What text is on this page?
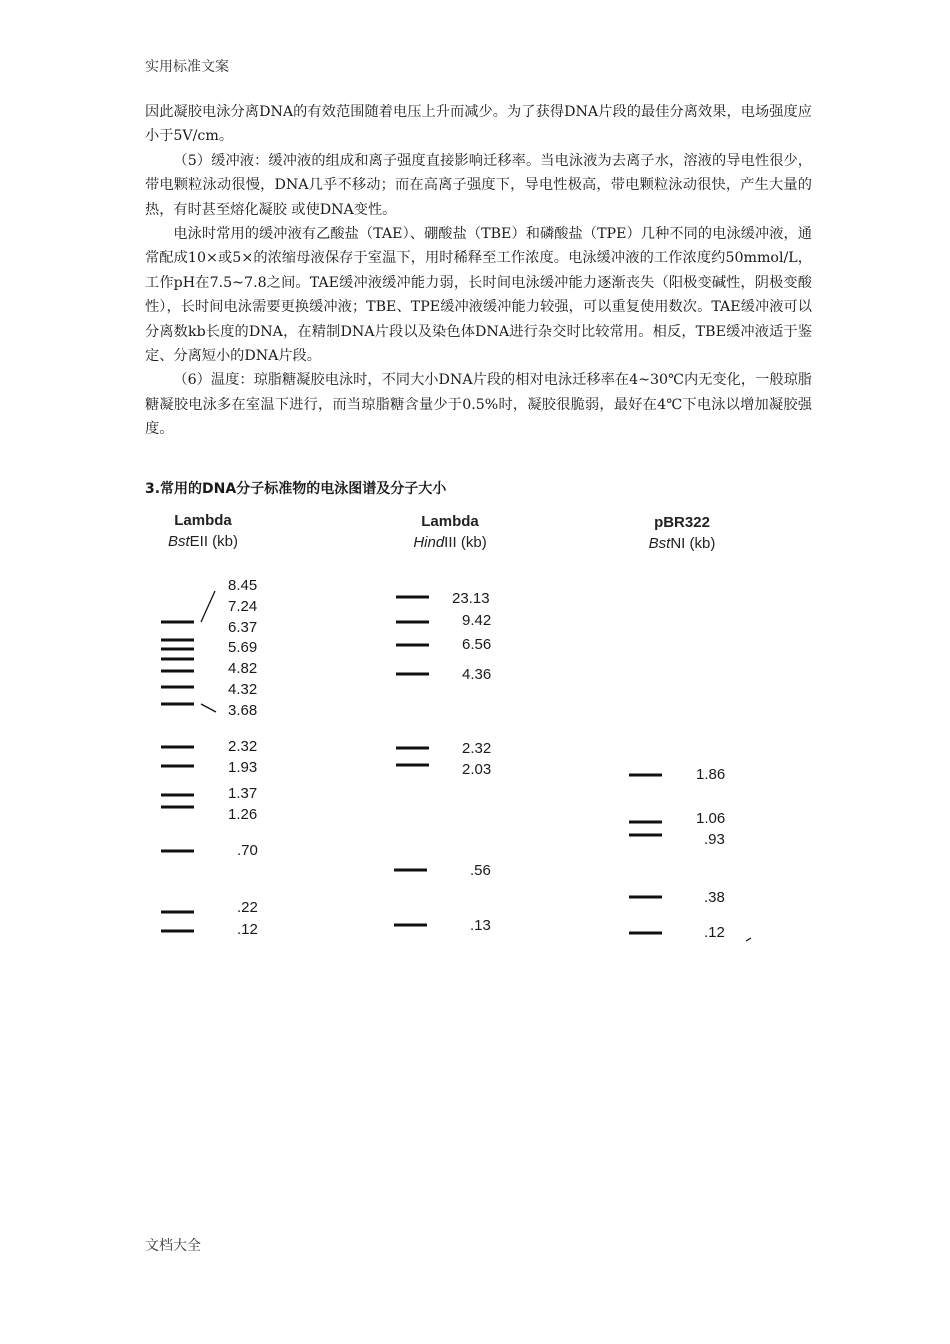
实用标准文案

因此凝胶电泳分离DNA的有效范围随着电压上升而减少。为了获得DNA片段的最佳分离效果，电场强度应小于5V/cm。

（5）缓冲液：缓冲液的组成和离子强度直接影响迁移率。当电泳液为去离子水，溶液的导电性很少，带电颗粒泳动很慢，DNA几乎不移动；而在高离子强度下，导电性极高，带电颗粒泳动很快，产生大量的热，有时甚至熔化凝胶 或使DNA变性。

电泳时常用的缓冲液有乙酸盐（TAE）、硼酸盐（TBE）和磷酸盐（TPE）几种不同的电泳缓冲液，通常配成10×或5×的浓缩母液保存于室温下，用时稀释至工作浓度。电泳缓冲液的工作浓度约50mmol/L，工作pH在7.5~7.8之间。TAE缓冲液缓冲能力弱，长时间电泳缓冲能力逐渐丧失（阳极变碱性，阴极变酸性），长时间电泳需要更换缓冲液；TBE、TPE缓冲液缓冲能力较强，可以重复使用数次。TAE缓冲液可以分离数kb长度的DNA，在精制DNA片段以及染色体DNA进行杂交时比较常用。相反，TBE缓冲液适于鉴定、分离短小的DNA片段。

（6）温度：琼脂糖凝胶电泳时，不同大小DNA片段的相对电泳迁移率在4~30℃内无变化，一般琼脂糖凝胶电泳多在室温下进行，而当琼脂糖含量少于0.5%时，凝胶很脆弱，最好在4℃下电泳以增加凝胶强度。

3.常用的DNA分子标准物的电泳图谱及分子大小
Lambda
BstEII (kb)
Lambda
HindIII (kb)
pBR322
BstNI (kb)
8.45
7.24
6.37
5.69
4.82
4.32
3.68
2.32
1.93
1.37
1.26
.70
.22
.12
23.13
9.42
6.56
4.36
2.32
2.03
.56
.13
1.86
1.06
.93
.38
.12
文档大全
